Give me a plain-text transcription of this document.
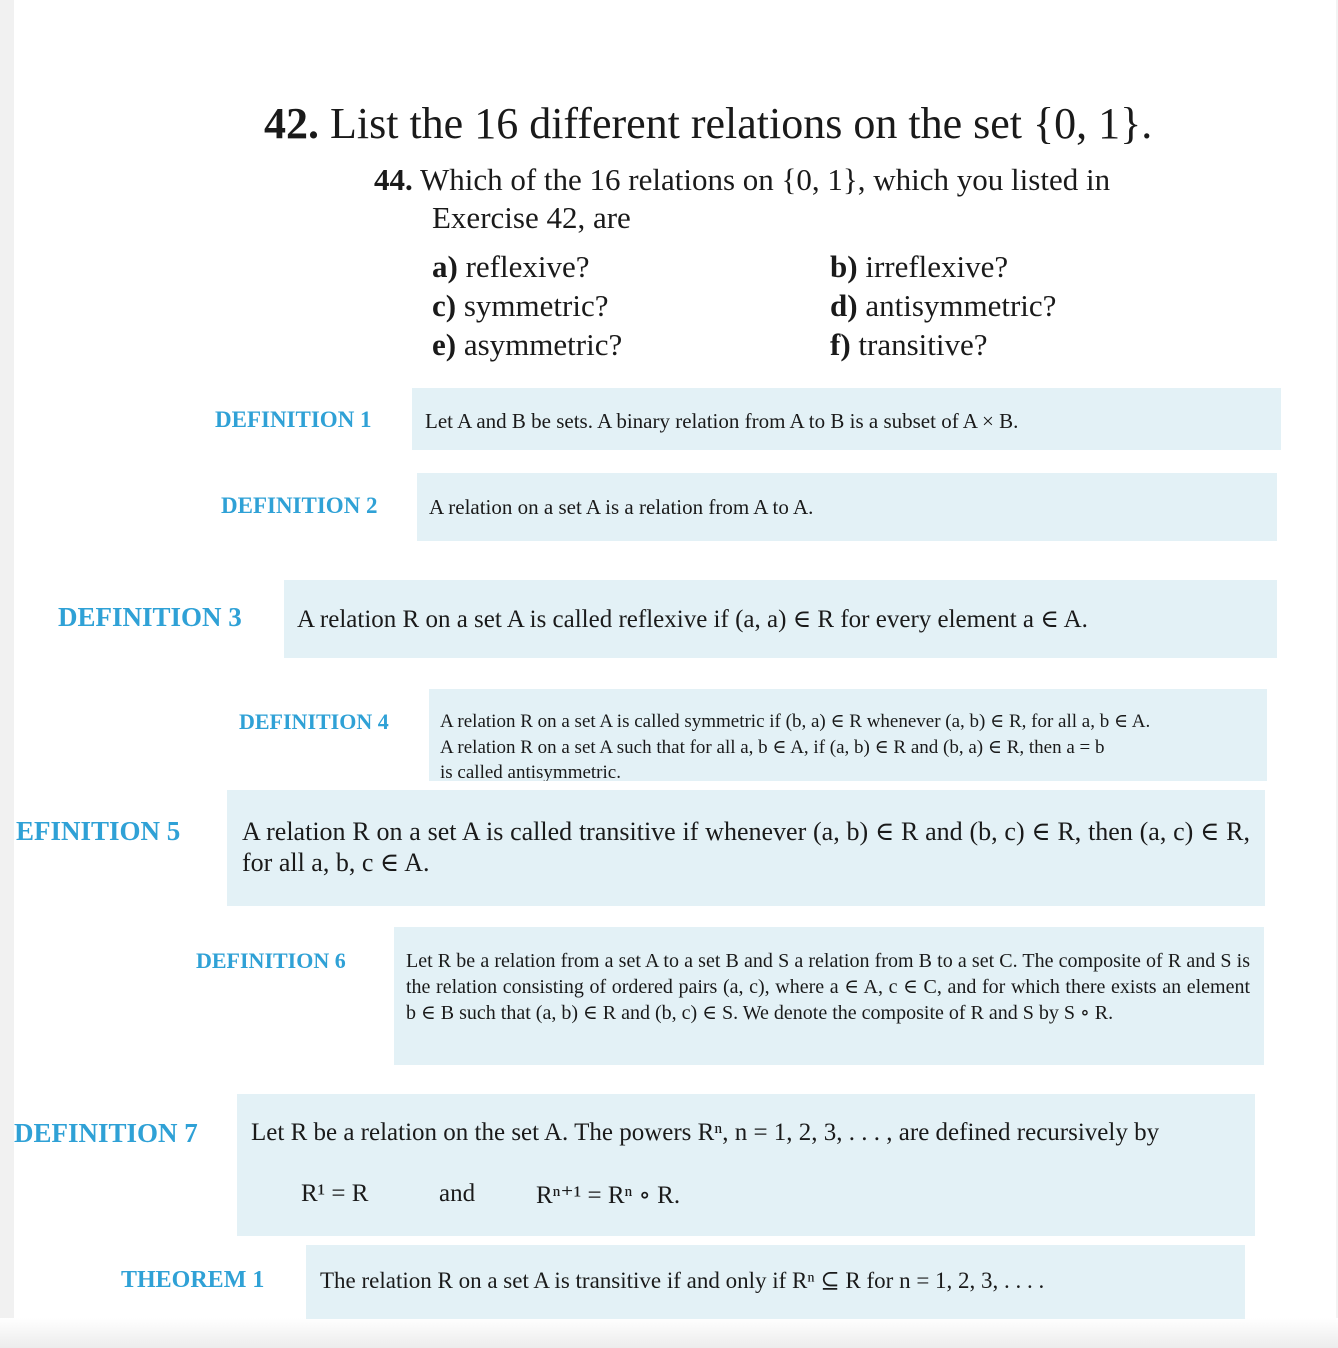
42. List the 16 different relations on the set {0, 1}.
44. Which of the 16 relations on {0, 1}, which you listed in
Exercise 42, are
a) reflexive?	b) irreflexive?
c) symmetric?	d) antisymmetric?
e) asymmetric?	f) transitive?
DEFINITION 1	Let A and B be sets. A binary relation from A to B is a subset of A × B.
DEFINITION 2 A relation on a set A is a relation from A to A.
DEFINITION 3 A relation R on a set A is called reflexive if (a, a) ∈ R for every element a ∈ A.
DEFINITION 4	A relation R on a set A is called symmetric if (b, a) ∈ R whenever (a, b) ∈ R, for all a, b ∈ A.
A relation R on a set A such that for all a, b ∈ A, if (a, b) ∈ R and (b, a) ∈ R, then a = b
is called antisymmetric.
EFINITION 5 A relation R on a set A is called transitive if whenever (a, b) ∈ R and (b, c) ∈ R, then (a, c) ∈ R, for all a, b, c ∈ A.
DEFINITION 6	Let R be a relation from a set A to a set B and S a relation from B to a set C. The composite of R and S is the relation consisting of ordered pairs (a, c), where a ∈ A, c ∈ C, and for which there exists an element b ∈ B such that (a, b) ∈ R and (b, c) ∈ S. We denote the composite of R and S by S ∘ R.
DEFINITION 7 Let R be a relation on the set A. The powers Rⁿ, n = 1, 2, 3, . . . , are defined recursively by
R¹ = R	and Rⁿ⁺¹ = Rⁿ ∘ R.
THEOREM 1 The relation R on a set A is transitive if and only if Rⁿ ⊆ R for n = 1, 2, 3, . . . .
